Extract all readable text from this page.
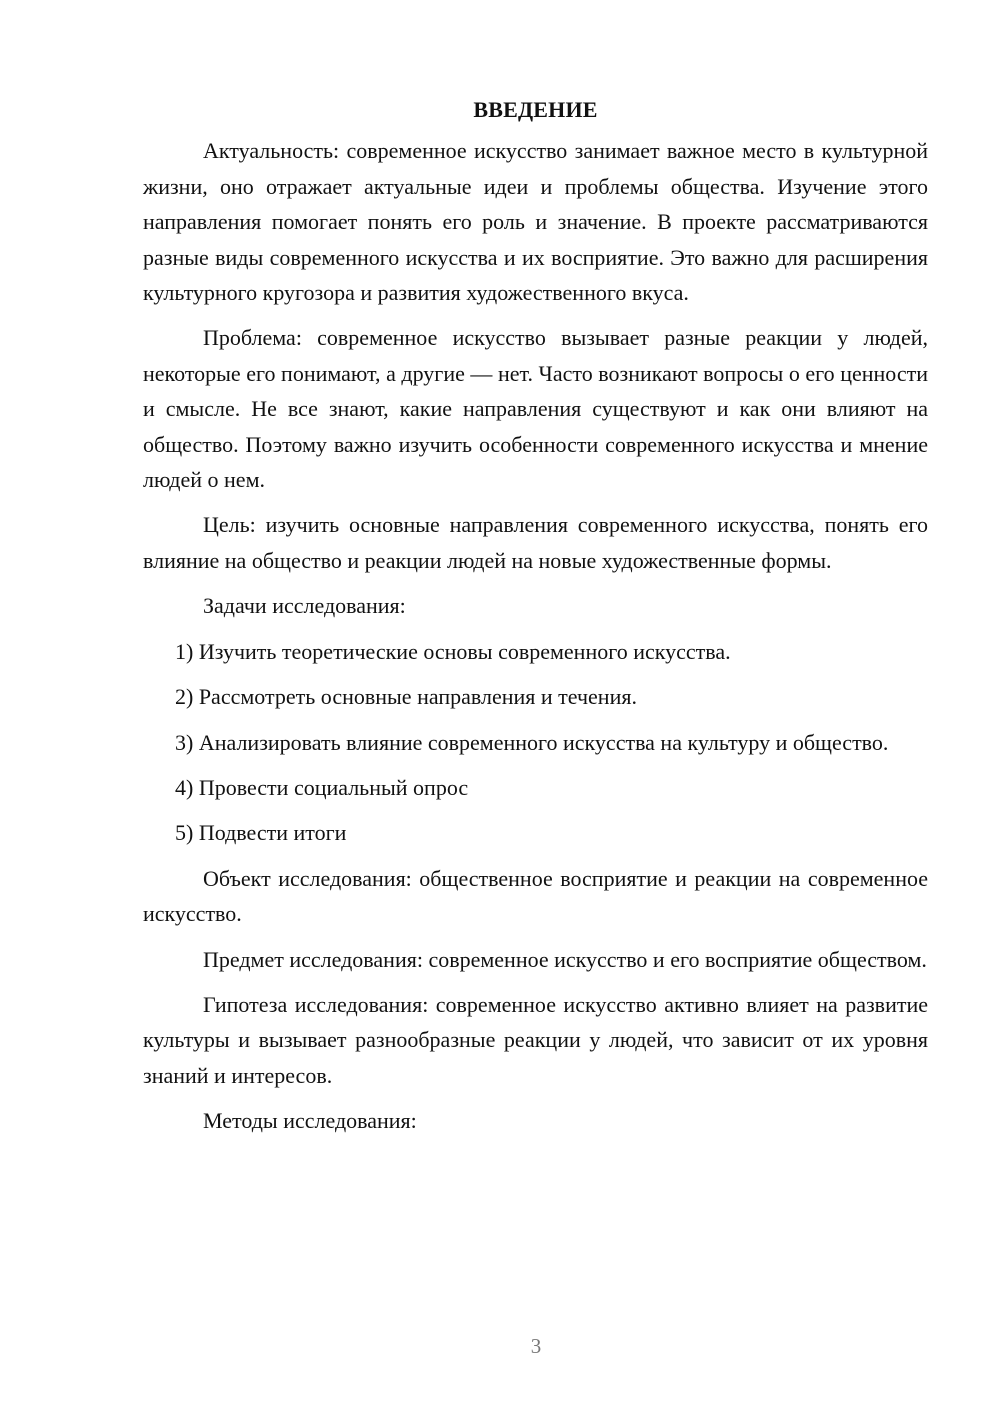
ВВЕДЕНИЕ

Актуальность: современное искусство занимает важное место в культурной жизни, оно отражает актуальные идеи и проблемы общества. Изучение этого направления помогает понять его роль и значение. В проекте рассматриваются разные виды современного искусства и их восприятие. Это важно для расширения культурного кругозора и развития художественного вкуса.

Проблема: современное искусство вызывает разные реакции у людей, некоторые его понимают, а другие — нет. Часто возникают вопросы о его ценности и смысле. Не все знают, какие направления существуют и как они влияют на общество. Поэтому важно изучить особенности современного искусства и мнение людей о нем.

Цель: изучить основные направления современного искусства, понять его влияние на общество и реакции людей на новые художественные формы.

Задачи исследования:

1) Изучить теоретические основы современного искусства.

2) Рассмотреть основные направления и течения.

3) Анализировать влияние современного искусства на культуру и общество.

4) Провести социальный опрос

5) Подвести итоги

Объект исследования: общественное восприятие и реакции на современное искусство.

Предмет исследования: современное искусство и его восприятие обществом.

Гипотеза исследования: современное искусство активно влияет на развитие культуры и вызывает разнообразные реакции у людей, что зависит от их уровня знаний и интересов.

Методы исследования:

3
